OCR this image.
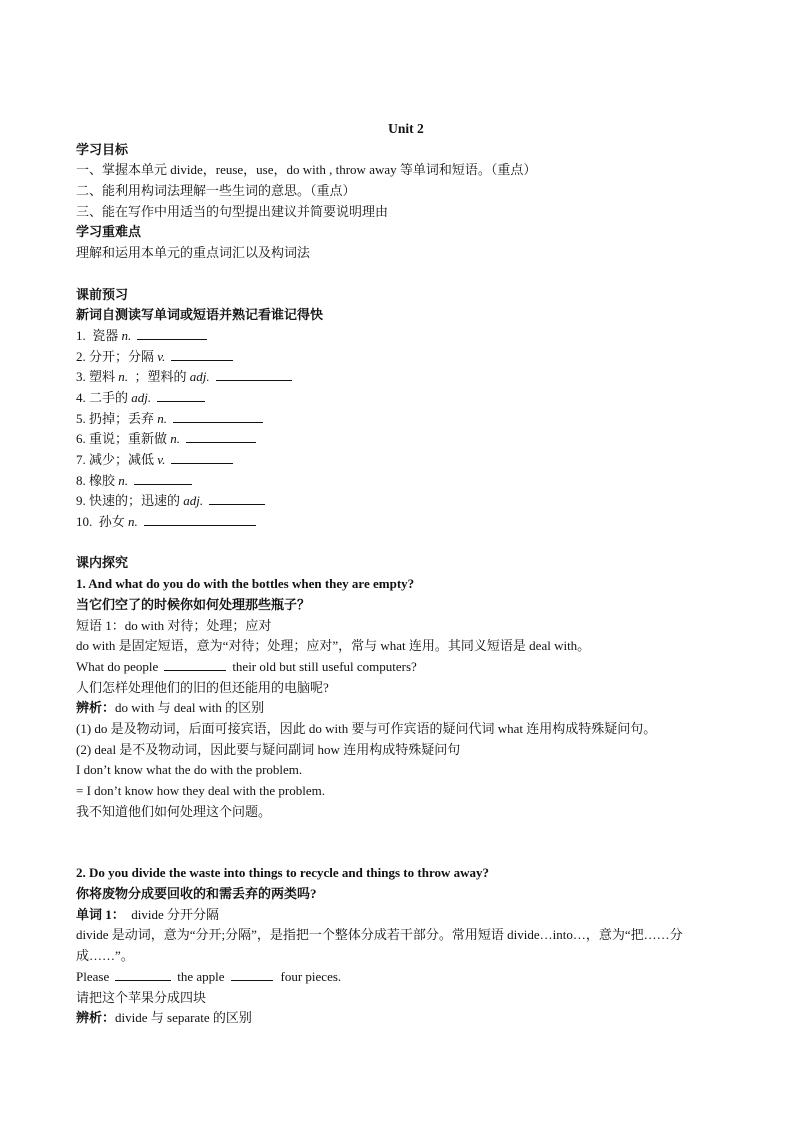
Unit 2
学习目标
一、掌握本单元 divide，reuse，use，do with , throw away 等单词和短语。（重点）
二、能利用构词法理解一些生词的意思。（重点）
三、能在写作中用适当的句型提出建议并简要说明理由
学习重难点
理解和运用本单元的重点词汇以及构词法
课前预习
新词自测读写单词或短语并熟记看谁记得快
1. 瓷器 n.
2. 分开；分隔 v.
3. 塑料 n. ；塑料的 adj.
4. 二手的 adj.
5. 扔掉；丢弃 n.
6. 重说；重新做 n.
7. 减少；减低 v.
8. 橡胶 n.
9. 快速的；迅速的 adj.
10. 孙女 n.
课内探究
1. And what do you do with the bottles when they are empty?
当它们空了的时候你如何处理那些瓶子？
短语 1：do with 对待；处理；应对
do with 是固定短语，意为“对待；处理；应对”，常与 what 连用。其同义短语是 deal with。
What do people	their old but still useful computers?
人们怎样处理他们的旧的但还能用的电脑呢?
辨析：do with 与 deal with 的区别
(1) do 是及物动词，后面可接宾语，因此 do with 要与可作宾语的疑问代词 what 连用构成特殊疑问句。
(2) deal 是不及物动词，因此要与疑问副词 how 连用构成特殊疑问句
I don’t know what the do with the problem.
= I don’t know how they deal with the problem.
我不知道他们如何处理这个问题。
2. Do you divide the waste into things to recycle and things to throw away?
你将废物分成要回收的和需丢弃的两类吗?
单词 1： divide 分开分隔
divide 是动词，意为“分开;分隔”，是指把一个整体分成若干部分。常用短语 divide…into…，意为“把……分成……”。
Please	the apple	four pieces.
请把这个苹果分成四块
辨析：divide 与 separate 的区别
